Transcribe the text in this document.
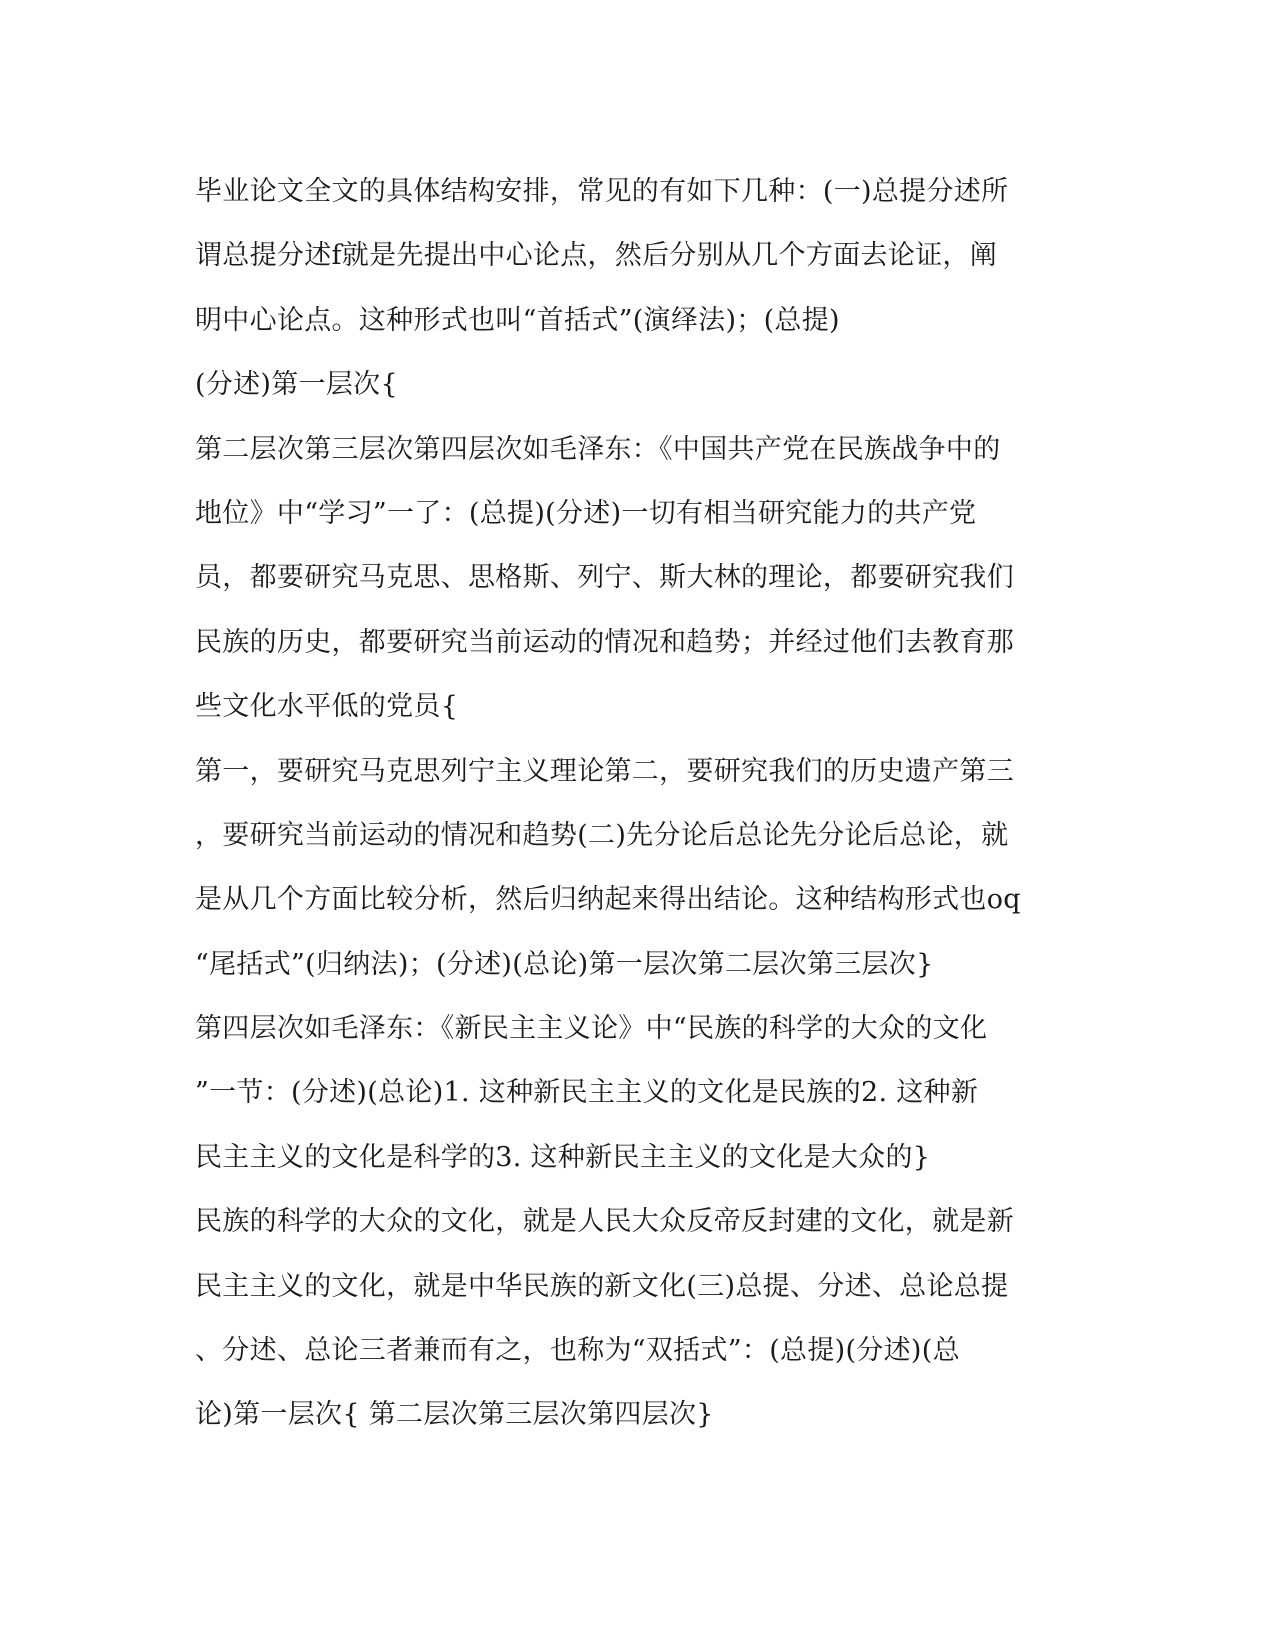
毕业论文全文的具体结构安排，常见的有如下几种：(一)总提分述所
谓总提分述f就是先提出中心论点，然后分别从几个方面去论证，阐
明中心论点。这种形式也叫“首括式”(演绎法)；(总提)
(分述)第一层次{
第二层次第三层次第四层次如毛泽东：《中国共产党在民族战争中的
地位》中“学习”一了：(总提)(分述)一切有相当研究能力的共产党
员，都要研究马克思、思格斯、列宁、斯大林的理论，都要研究我们
民族的历史，都要研究当前运动的情况和趋势；并经过他们去教育那
些文化水平低的党员{
第一，要研究马克思列宁主义理论第二，要研究我们的历史遗产第三
，要研究当前运动的情况和趋势(二)先分论后总论先分论后总论，就
是从几个方面比较分析，然后归纳起来得出结论。这种结构形式也oq
“尾括式”(归纳法)；(分述)(总论)第一层次第二层次第三层次}
第四层次如毛泽东：《新民主主义论》中“民族的科学的大众的文化
”一节：(分述)(总论)1. 这种新民主主义的文化是民族的2. 这种新
民主主义的文化是科学的3. 这种新民主主义的文化是大众的}
民族的科学的大众的文化，就是人民大众反帝反封建的文化，就是新
民主主义的文化，就是中华民族的新文化(三)总提、分述、总论总提
、分述、总论三者兼而有之，也称为“双括式”：(总提)(分述)(总
论)第一层次{ 第二层次第三层次第四层次}
